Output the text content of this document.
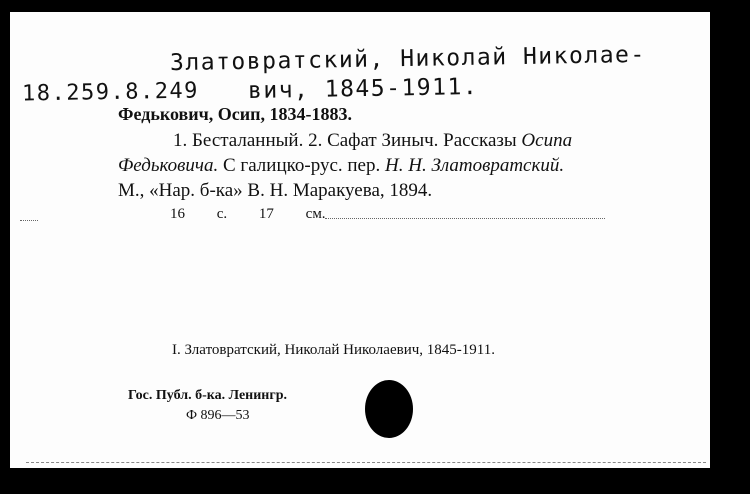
Златовратский, Николай Николае-
18.259.8.249 вич, 1845-1911.
Федькович, Осип, 1834-1883.
1. Бесталанный. 2. Сафат Зиныч. Рассказы Осипа
Федьковича. С галицко-рус. пер. Н. Н. Златовратский.
М., «Нар. б-ка» В. Н. Маракуева, 1894.
16 с. 17 см.
I. Златовратский, Николай Николаевич, 1845-1911.
Гос. Публ. б-ка. Ленингр.
Ф 896—53
